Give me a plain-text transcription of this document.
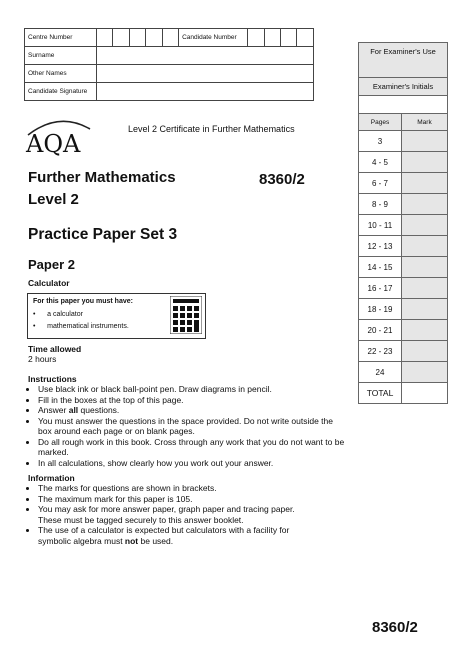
Centre Number						Candidate Number				
Surname										
Other Names										
Candidate Signature										
For Examiner's Use	
Examiner's Initials	

Pages	Mark
3	
4 - 5	
6 - 7	
8 - 9	
10 - 11	
12 - 13	
14 - 15	
16 - 17	
18 - 19	
20 - 21	
22 - 23	
24	
TOTAL	
AQA
Level 2 Certificate in Further Mathematics
Further Mathematics	8360/2
Level 2
Practice Paper Set 3
Paper 2
Calculator
For this paper you must have:
•      a calculator
•      mathematical instruments.
Time allowed
2 hours
Instructions
• Use black ink or black ball-point pen. Draw diagrams in pencil.
• Fill in the boxes at the top of this page.
• Answer all questions.
• You must answer the questions in the space provided. Do not write outside the box around each page or on blank pages.
• Do all rough work in this book. Cross through any work that you do not want to be marked.
• In all calculations, show clearly how you work out your answer.
Information
• The marks for questions are shown in brackets.
• The maximum mark for this paper is 105.
• You may ask for more answer paper, graph paper and tracing paper. These must be tagged securely to this answer booklet.
• The use of a calculator is expected but calculators with a facility for symbolic algebra must not be used.
8360/2
